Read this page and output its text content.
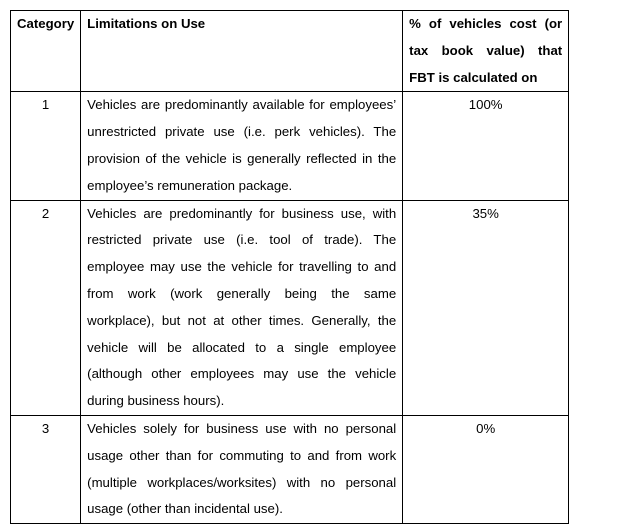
Category	Limitations on Use	% of vehicles cost (or tax book value) that FBT is calculated on
1	Vehicles are predominantly available for employees’ unrestricted private use (i.e. perk vehicles). The provision of the vehicle is generally reflected in the employee’s remuneration package.	100%
2	Vehicles are predominantly for business use, with restricted private use (i.e. tool of trade). The employee may use the vehicle for travelling to and from work (work generally being the same workplace), but not at other times. Generally, the vehicle will be allocated to a single employee (although other employees may use the vehicle during business hours).	35%
3	Vehicles solely for business use with no personal usage other than for commuting to and from work (multiple workplaces/worksites) with no personal usage (other than incidental use).	0%
